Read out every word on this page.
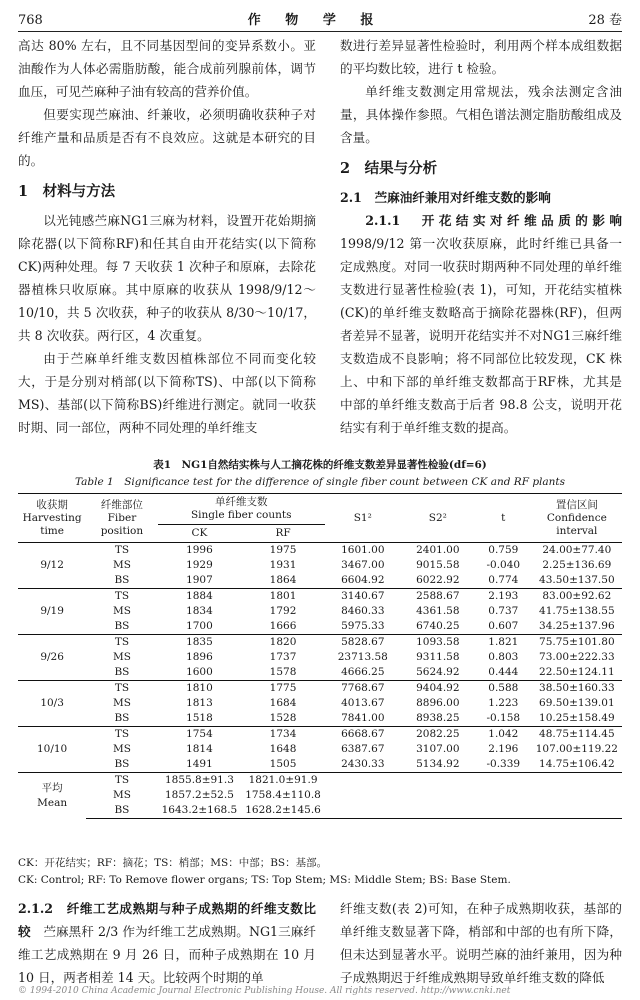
768	作 物 学 报	28 卷

高达 80% 左右，且不同基因型间的变异系数小。亚油酸作为人体必需脂肪酸，能合成前列腺前体，调节血压，可见苎麻种子油有较高的营养价值。

但要实现苎麻油、纤兼收，必须明确收获种子对纤维产量和品质是否有不良效应。这就是本研究的目的。

1　材料与方法

以光钝感苎麻NG1三麻为材料，设置开花始期摘除花器(以下简称RF)和任其自由开花结实(以下简称CK)两种处理。每 7 天收获 1 次种子和原麻，去除花器植株只收原麻。其中原麻的收获从 1998/9/12～10/10，共 5 次收获，种子的收获从 8/30～10/17，共 8 次收获。两行区，4 次重复。

由于苎麻单纤维支数因植株部位不同而变化较大，于是分别对梢部(以下简称TS)、中部(以下简称MS)、基部(以下简称BS)纤维进行测定。就同一收获时期、同一部位，两种不同处理的单纤维支

数进行差异显著性检验时，利用两个样本成组数据的平均数比较，进行 t 检验。

单纤维支数测定用常规法，残余法测定含油量，具体操作参照。气相色谱法测定脂肪酸组成及含量。

2　结果与分析

2.1　苎麻油纤兼用对纤维支数的影响

2.1.1　开花结实对纤维品质的影响　1998/9/12 第一次收获原麻，此时纤维已具备一定成熟度。对同一收获时期两种不同处理的单纤维支数进行显著性检验(表 1)，可知，开花结实植株(CK)的单纤维支数略高于摘除花器株(RF)，但两者差异不显著，说明开花结实并不对NG1三麻纤维支数造成不良影响；将不同部位比较发现，CK 株上、中和下部的单纤维支数都高于RF株，尤其是中部的单纤维支数高于后者 98.8 公支，说明开花结实有利于单纤维支数的提高。

表1　NG1自然结实株与人工摘花株的纤维支数差异显著性检验(df=6)
Table 1　Significance test for the difference of single fiber count between CK and RF plants
收获期
Harvesting
time	纤维部位
Fiber
position	单纤维支数
Single fiber counts		S1²	S2²	t	置信区间
Confidence
interval
		CK	RF				
9/12	TS	1996	1975	1601.00	2401.00	0.759	24.00±77.40
	MS	1929	1931	3467.00	9015.58	-0.040	2.25±136.69
	BS	1907	1864	6604.92	6022.92	0.774	43.50±137.50
9/19	TS	1884	1801	3140.67	2588.67	2.193	83.00±92.62
	MS	1834	1792	8460.33	4361.58	0.737	41.75±138.55
	BS	1700	1666	5975.33	6740.25	0.607	34.25±137.96
9/26	TS	1835	1820	5828.67	1093.58	1.821	75.75±101.80
	MS	1896	1737	23713.58	9311.58	0.803	73.00±222.33
	BS	1600	1578	4666.25	5624.92	0.444	22.50±124.11
10/3	TS	1810	1775	7768.67	9404.92	0.588	38.50±160.33
	MS	1813	1684	4013.67	8896.00	1.223	69.50±139.01
	BS	1518	1528	7841.00	8938.25	-0.158	10.25±158.49
10/10	TS	1754	1734	6668.67	2082.25	1.042	48.75±114.45
	MS	1814	1648	6387.67	3107.00	2.196	107.00±119.22
	BS	1491	1505	2430.33	5134.92	-0.339	14.75±106.42

平均
Mean	TS	1855.8±91.3	1821.0±91.9				
	MS	1857.2±52.5	1758.4±110.8				
	BS	1643.2±168.5	1628.2±145.6				
CK：开花结实；RF：摘花；TS：梢部；MS：中部；BS：基部。
CK: Control; RF: To Remove flower organs; TS: Top Stem; MS: Middle Stem; BS: Base Stem.

2.1.2　纤维工艺成熟期与种子成熟期的纤维支数比较　 苎麻黑秆 2/3 作为纤维工艺成熟期。NG1三麻纤维工艺成熟期在 9 月 26 日，而种子成熟期在 10 月 10 日，两者相差 14 天。比较两个时期的单

纤维支数(表 2)可知，在种子成熟期收获，基部的单纤维支数显著下降，梢部和中部的也有所下降，但未达到显著水平。说明苎麻的油纤兼用，因为种子成熟期迟于纤维成熟期导致单纤维支数的降低

© 1994-2010 China Academic Journal Electronic Publishing House. All rights reserved. http://www.cnki.net
